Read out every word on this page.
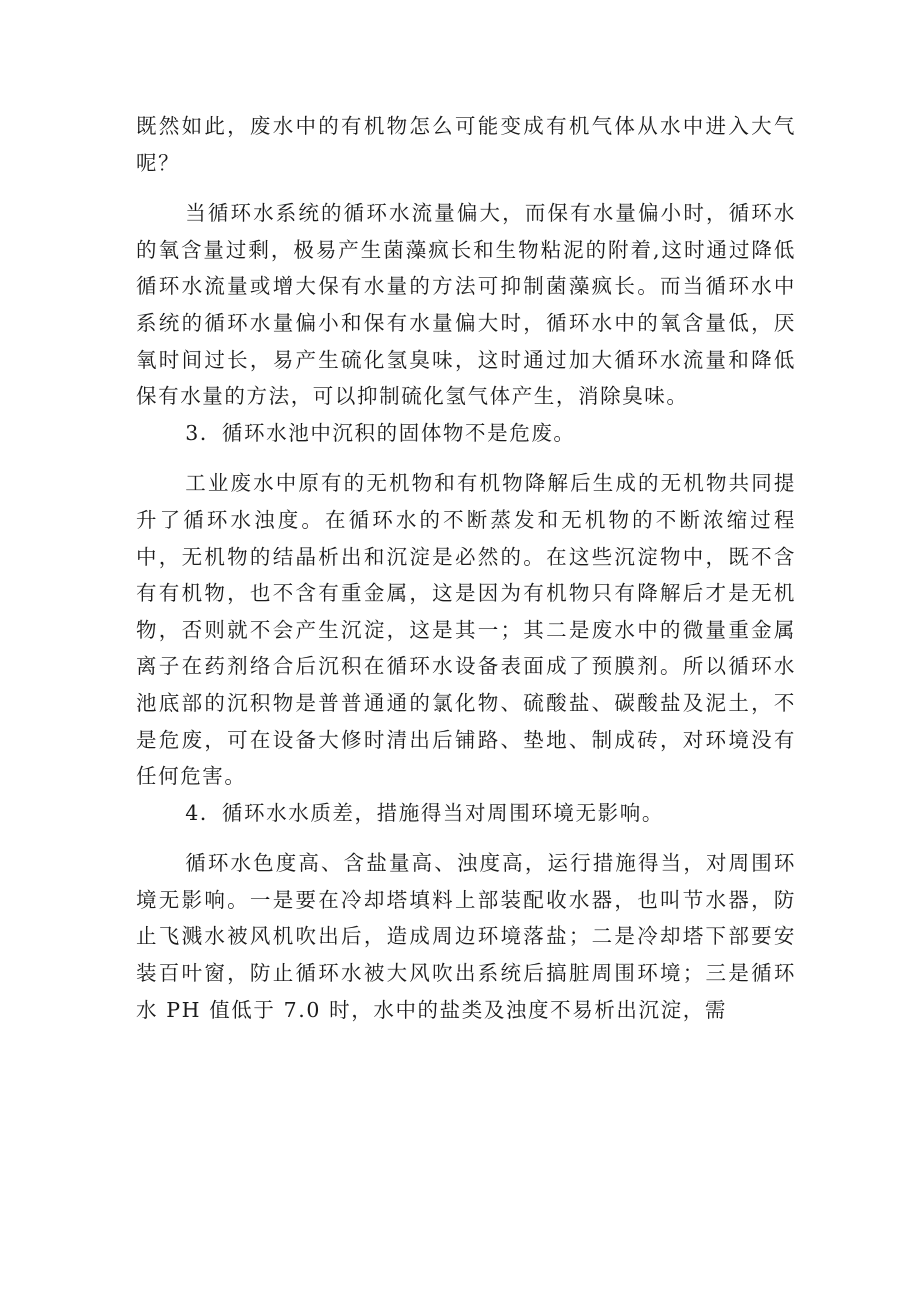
既然如此，废水中的有机物怎么可能变成有机气体从水中进入大气呢？

当循环水系统的循环水流量偏大，而保有水量偏小时，循环水的氧含量过剩，极易产生菌藻疯长和生物粘泥的附着,这时通过降低循环水流量或增大保有水量的方法可抑制菌藻疯长。而当循环水中系统的循环水量偏小和保有水量偏大时，循环水中的氧含量低，厌氧时间过长，易产生硫化氢臭味，这时通过加大循环水流量和降低保有水量的方法，可以抑制硫化氢气体产生，消除臭味。

3．循环水池中沉积的固体物不是危废。

工业废水中原有的无机物和有机物降解后生成的无机物共同提升了循环水浊度。在循环水的不断蒸发和无机物的不断浓缩过程中，无机物的结晶析出和沉淀是必然的。在这些沉淀物中，既不含有有机物，也不含有重金属，这是因为有机物只有降解后才是无机物，否则就不会产生沉淀，这是其一；其二是废水中的微量重金属离子在药剂络合后沉积在循环水设备表面成了预膜剂。所以循环水池底部的沉积物是普普通通的氯化物、硫酸盐、碳酸盐及泥土，不是危废，可在设备大修时清出后铺路、垫地、制成砖，对环境没有任何危害。

4．循环水水质差，措施得当对周围环境无影响。

循环水色度高、含盐量高、浊度高，运行措施得当，对周围环境无影响。一是要在冷却塔填料上部装配收水器，也叫节水器，防止飞溅水被风机吹出后，造成周边环境落盐；二是冷却塔下部要安装百叶窗，防止循环水被大风吹出系统后搞脏周围环境；三是循环水 PH 值低于 7.0 时，水中的盐类及浊度不易析出沉淀，需
